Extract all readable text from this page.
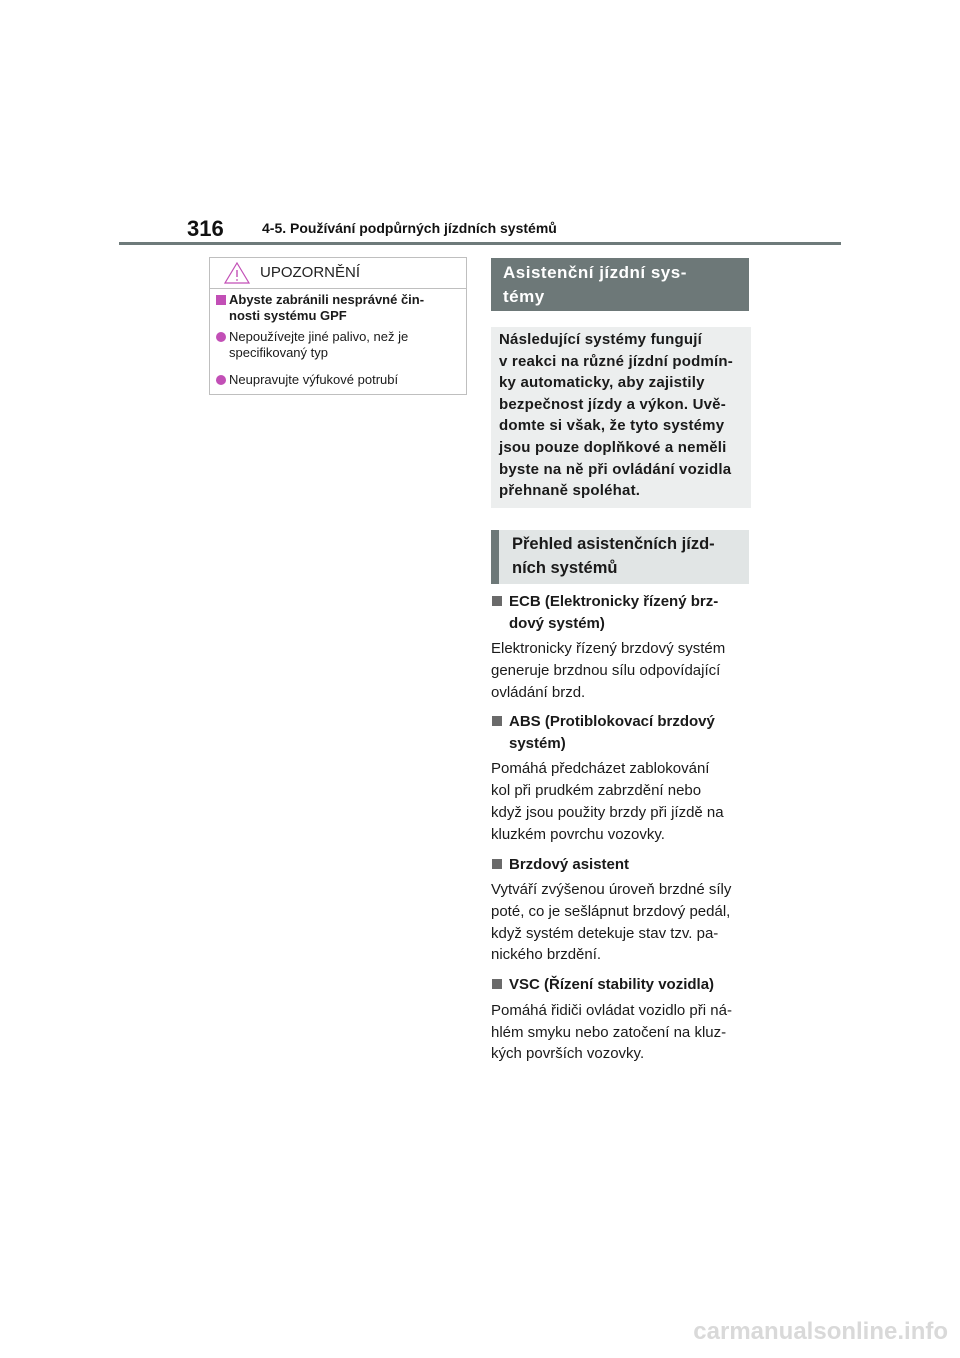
316	4-5. Používání podpůrných jízdních systémů
UPOZORNĚNÍ
Abyste zabránili nesprávné čin-
nosti systému GPF
Nepoužívejte jiné palivo, než je
specifikovaný typ
Neupravujte výfukové potrubí
Asistenční jízdní sys-
témy
Následující systémy fungují
v reakci na různé jízdní podmín-
ky automaticky, aby zajistily
bezpečnost jízdy a výkon. Uvě-
domte si však, že tyto systémy
jsou pouze doplňkové a neměli
byste na ně při ovládání vozidla
přehnaně spoléhat.
Přehled asistenčních jízd-
ních systémů
ECB (Elektronicky řízený brz-
dový systém)
Elektronicky řízený brzdový systém
generuje brzdnou sílu odpovídající
ovládání brzd.
ABS (Protiblokovací brzdový
systém)
Pomáhá předcházet zablokování
kol při prudkém zabrzdění nebo
když jsou použity brzdy při jízdě na
kluzkém povrchu vozovky.
Brzdový asistent
Vytváří zvýšenou úroveň brzdné síly
poté, co je sešlápnut brzdový pedál,
když systém detekuje stav tzv. pa-
nického brzdění.
VSC (Řízení stability vozidla)
Pomáhá řidiči ovládat vozidlo při ná-
hlém smyku nebo zatočení na kluz-
kých površích vozovky.
carmanualsonline.info
